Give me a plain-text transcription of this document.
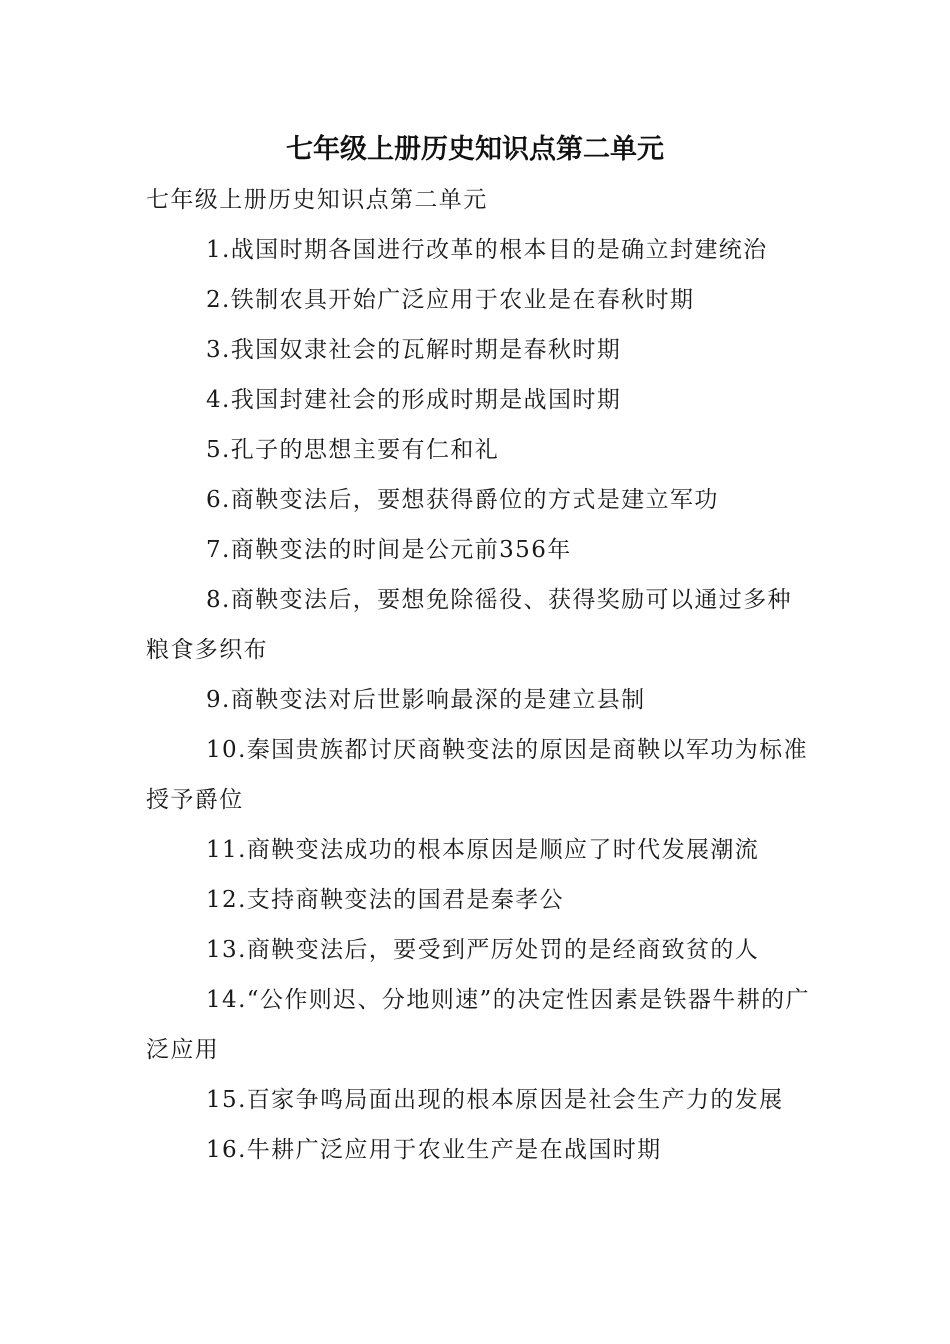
七年级上册历史知识点第二单元

七年级上册历史知识点第二单元

1.战国时期各国进行改革的根本目的是确立封建统治

2.铁制农具开始广泛应用于农业是在春秋时期

3.我国奴隶社会的瓦解时期是春秋时期

4.我国封建社会的形成时期是战国时期

5.孔子的思想主要有仁和礼

6.商鞅变法后，要想获得爵位的方式是建立军功

7.商鞅变法的时间是公元前356年

8.商鞅变法后，要想免除徭役、获得奖励可以通过多种粮食多织布

9.商鞅变法对后世影响最深的是建立县制

10.秦国贵族都讨厌商鞅变法的原因是商鞅以军功为标准授予爵位

11.商鞅变法成功的根本原因是顺应了时代发展潮流

12.支持商鞅变法的国君是秦孝公

13.商鞅变法后，要受到严厉处罚的是经商致贫的人

14.“公作则迟、分地则速”的决定性因素是铁器牛耕的广泛应用

15.百家争鸣局面出现的根本原因是社会生产力的发展

16.牛耕广泛应用于农业生产是在战国时期
